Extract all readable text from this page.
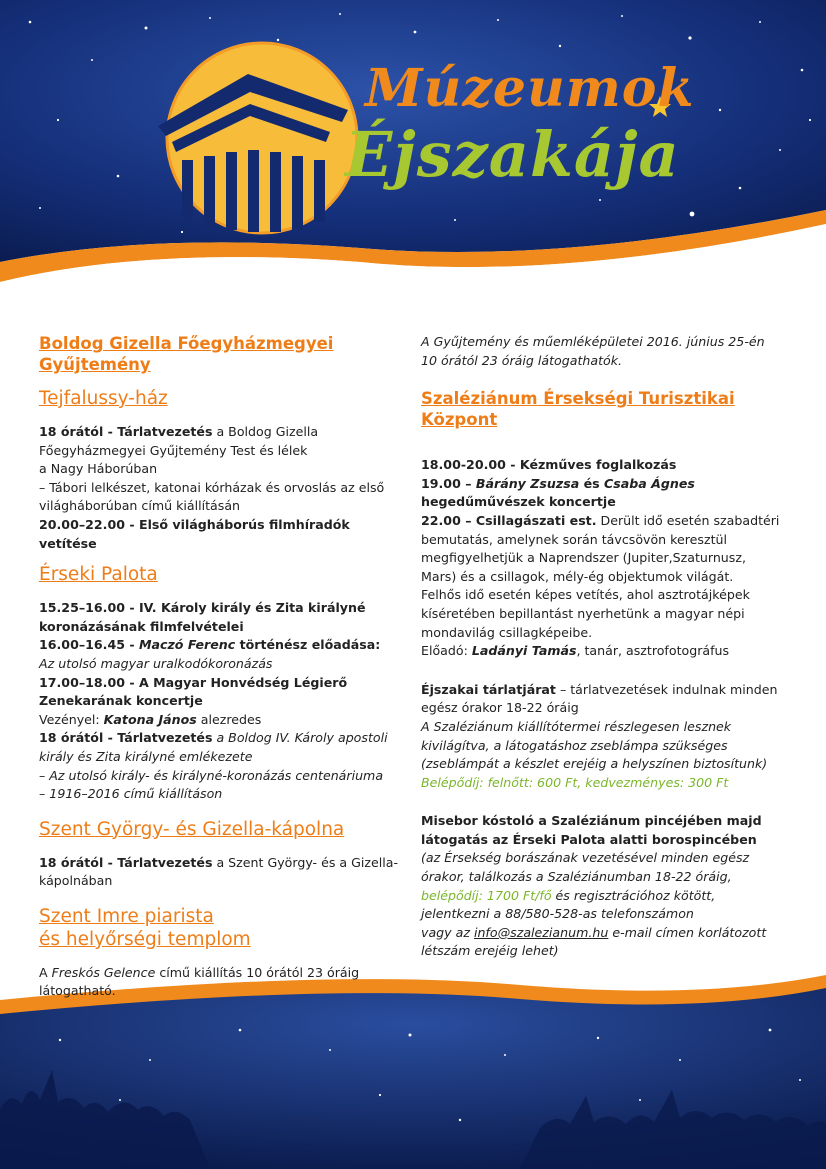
Múzeumok
Éjszakája
Boldog Gizella Főegyházmegyei Gyűjtemény
Tejfalussy-ház
18 órától - Tárlatvezetés a Boldog Gizella
Főegyházmegyei Gyűjtemény Test és lélek
a Nagy Háborúban
– Tábori lelkészet, katonai kórházak és orvoslás az első
világháborúban című kiállításán
20.00–22.00 - Első világháborús filmhíradók vetítése
Érseki Palota
15.25–16.00 - IV. Károly király és Zita királyné
koronázásának filmfelvételei
16.00–16.45 - Maczó Ferenc történész előadása:
Az utolsó magyar uralkodókoronázás
17.00–18.00 - A Magyar Honvédség Légierő
Zenekarának koncertje
Vezényel: Katona János alezredes
18 órától - Tárlatvezetés a Boldog IV. Károly apostoli
király és Zita királyné emlékezete
– Az utolsó király- és királyné-koronázás centenáriuma
– 1916–2016 című kiállításon
Szent György- és Gizella-kápolna
18 órától - Tárlatvezetés a Szent György- és a Gizella-
kápolnában
Szent Imre piarista
és helyőrségi templom
A Freskós Gelence című kiállítás 10 órától 23 óráig
látogatható.
A Gyűjtemény és műemléképületei 2016. június 25-én
10 órától 23 óráig látogathatók.
Szaléziánum Érsekségi Turisztikai
Központ
18.00-20.00 - Kézműves foglalkozás
19.00 – Bárány Zsuzsa és Csaba Ágnes
hegedűművészek koncertje
22.00 – Csillagászati est. Derült idő esetén szabadtéri
bemutatás, amelynek során távcsövön keresztül
megfigyelhetjük a Naprendszer (Jupiter,Szaturnusz,
Mars) és a csillagok, mély-ég objektumok világát.
Felhős idő esetén képes vetítés, ahol asztrotájképek
kíséretében bepillantást nyerhetünk a magyar népi
mondavilág csillagképeibe.
Előadó: Ladányi Tamás, tanár, asztrofotográfus
Éjszakai tárlatjárat – tárlatvezetések indulnak minden
egész órakor 18-22 óráig
A Szaléziánum kiállítótermei részlegesen lesznek
kivilágítva, a látogatáshoz zseblámpa szükséges
(zseblámpát a készlet erejéig a helyszínen biztosítunk)
Belépődíj: felnőtt: 600 Ft, kedvezményes: 300 Ft
Misebor kóstoló a Szaléziánum pincéjében majd
látogatás az Érseki Palota alatti borospincében
(az Érsekség borászának vezetésével minden egész
órakor, találkozás a Szaléziánumban 18-22 óráig,
belépődíj: 1700 Ft/fő és regisztrációhoz kötött,
jelentkezni a 88/580-528-as telefonszámon
vagy az info@szalezianum.hu e-mail címen korlátozott
létszám erejéig lehet)
